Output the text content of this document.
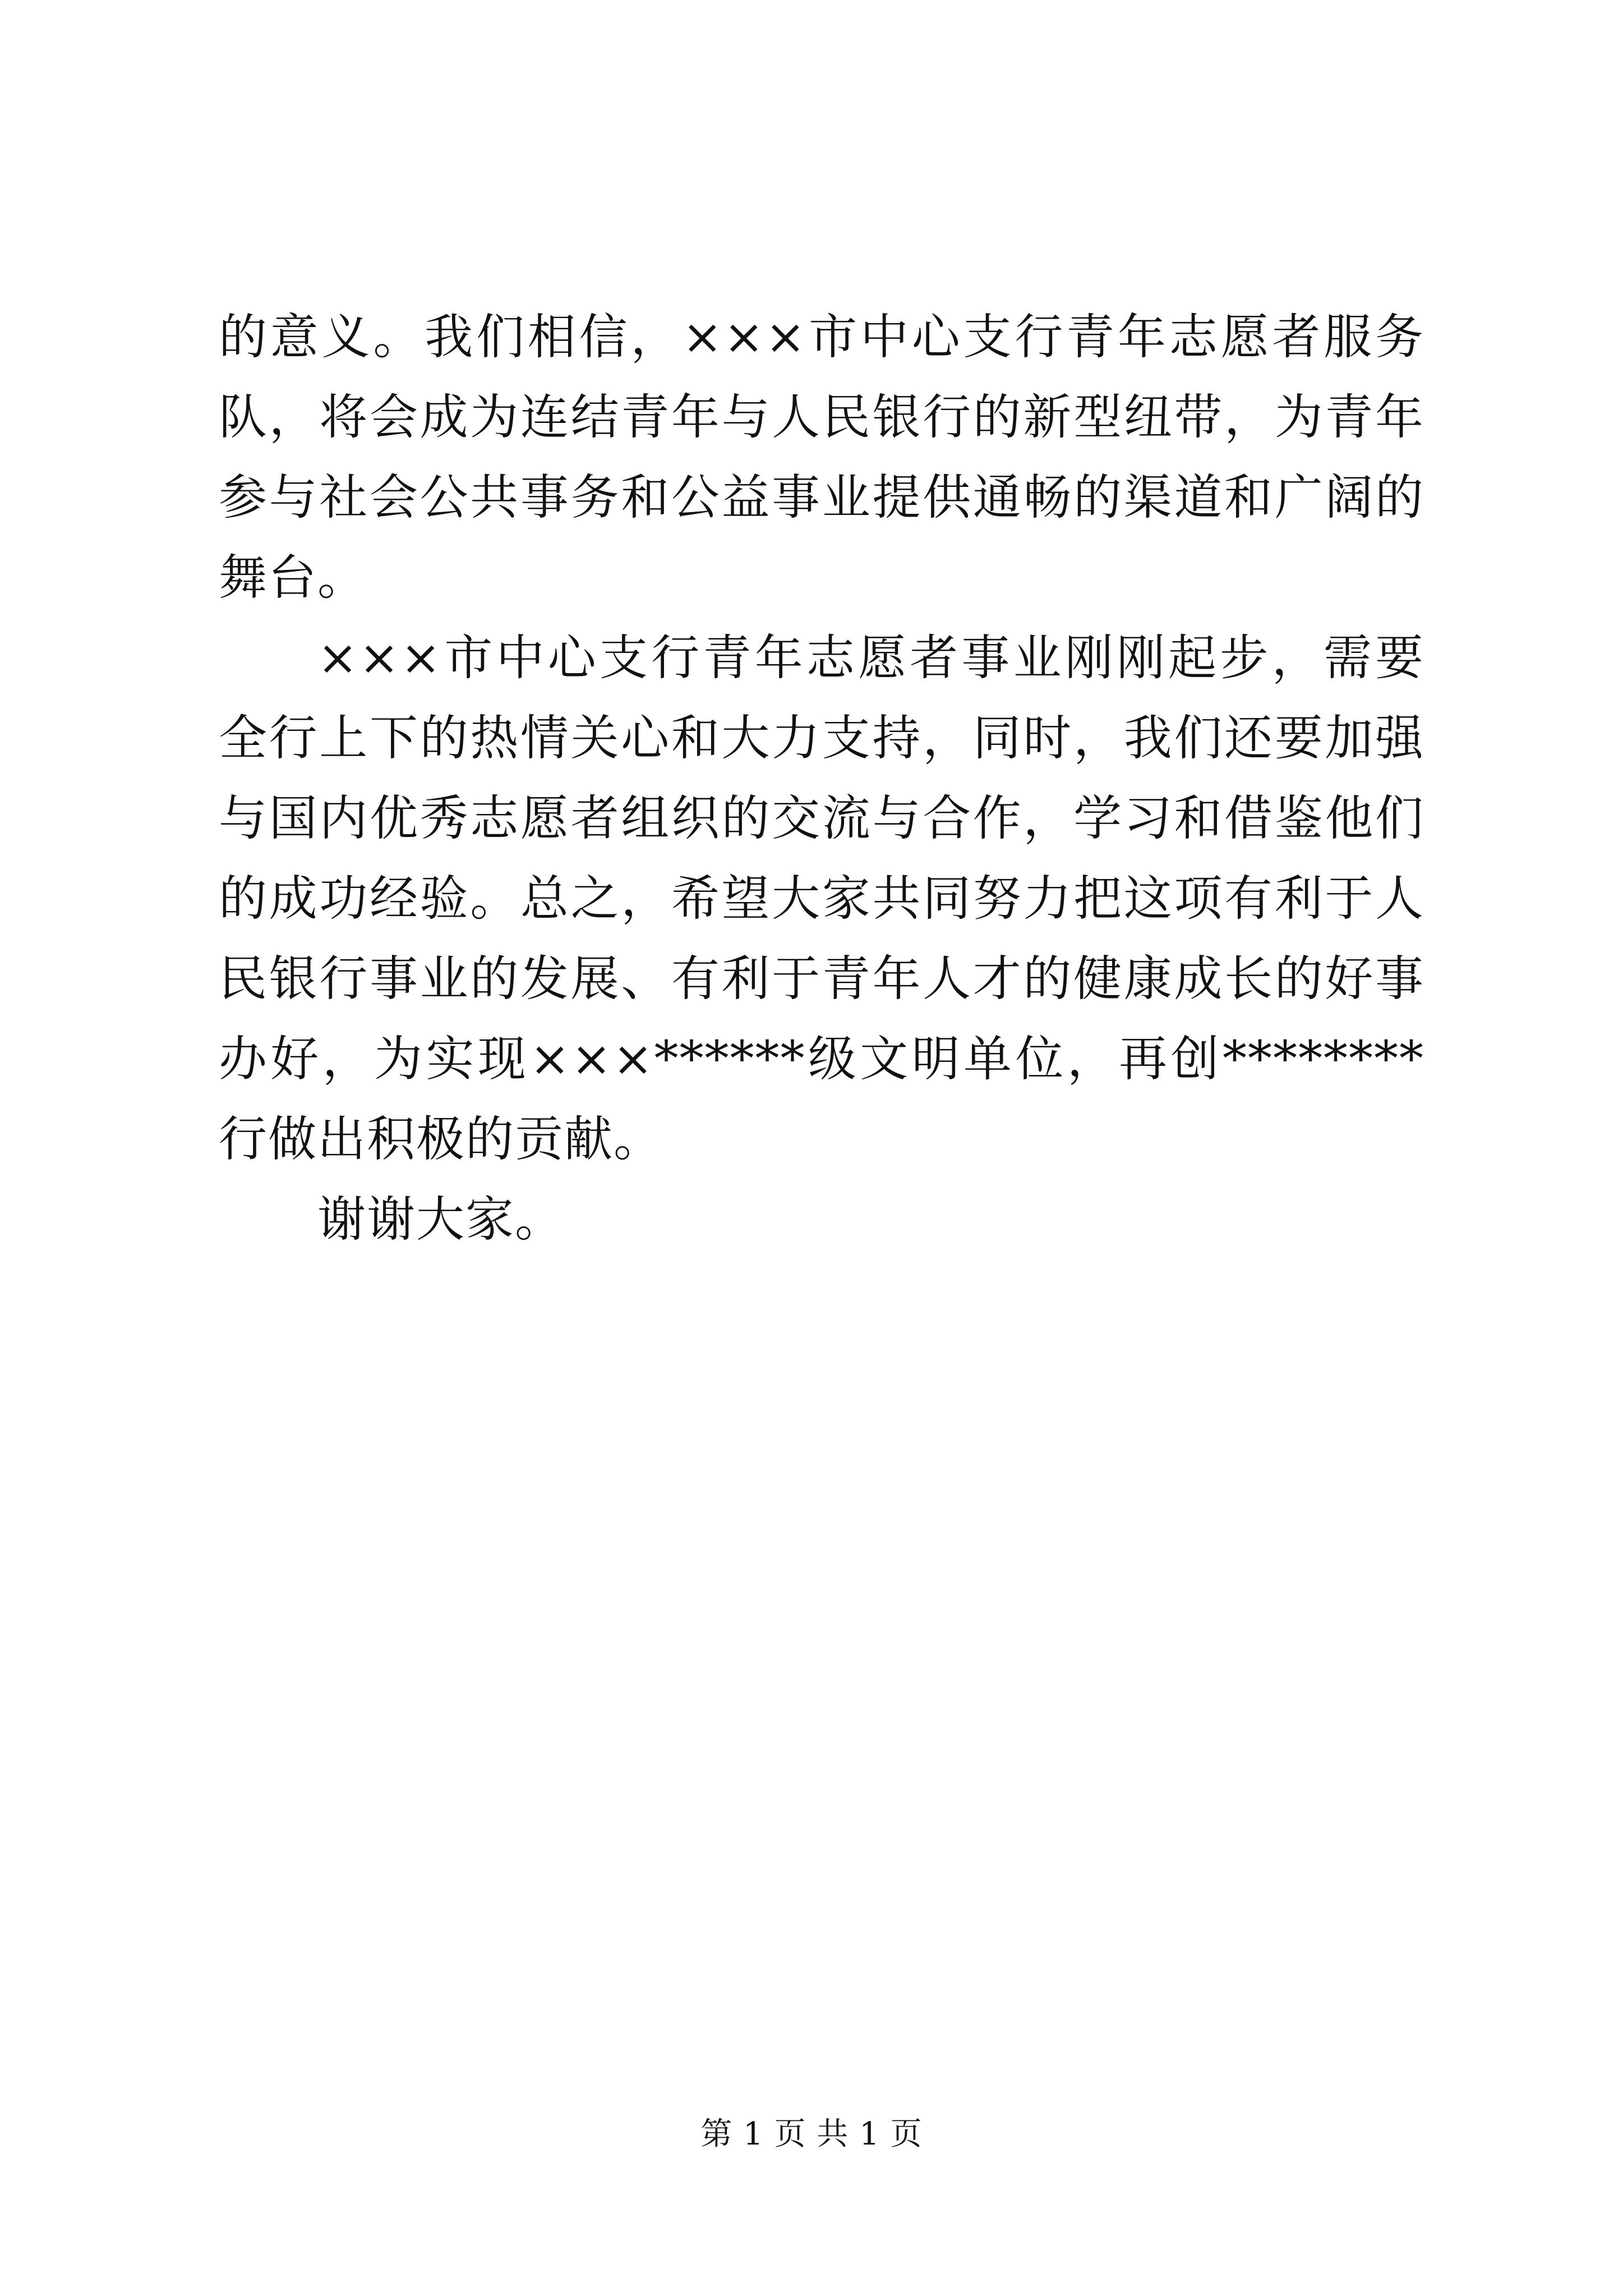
的意义。我们相信，×××市中心支行青年志愿者服务队，将会成为连结青年与人民银行的新型纽带，为青年参与社会公共事务和公益事业提供通畅的渠道和广阔的舞台。

×××市中心支行青年志愿者事业刚刚起步，需要全行上下的热情关心和大力支持，同时，我们还要加强与国内优秀志愿者组织的交流与合作，学习和借鉴他们的成功经验。总之，希望大家共同努力把这项有利于人民银行事业的发展、有利于青年人才的健康成长的好事办好，为实现×××******级文明单位，再创********行做出积极的贡献。

谢谢大家。

第 1 页 共 1 页
